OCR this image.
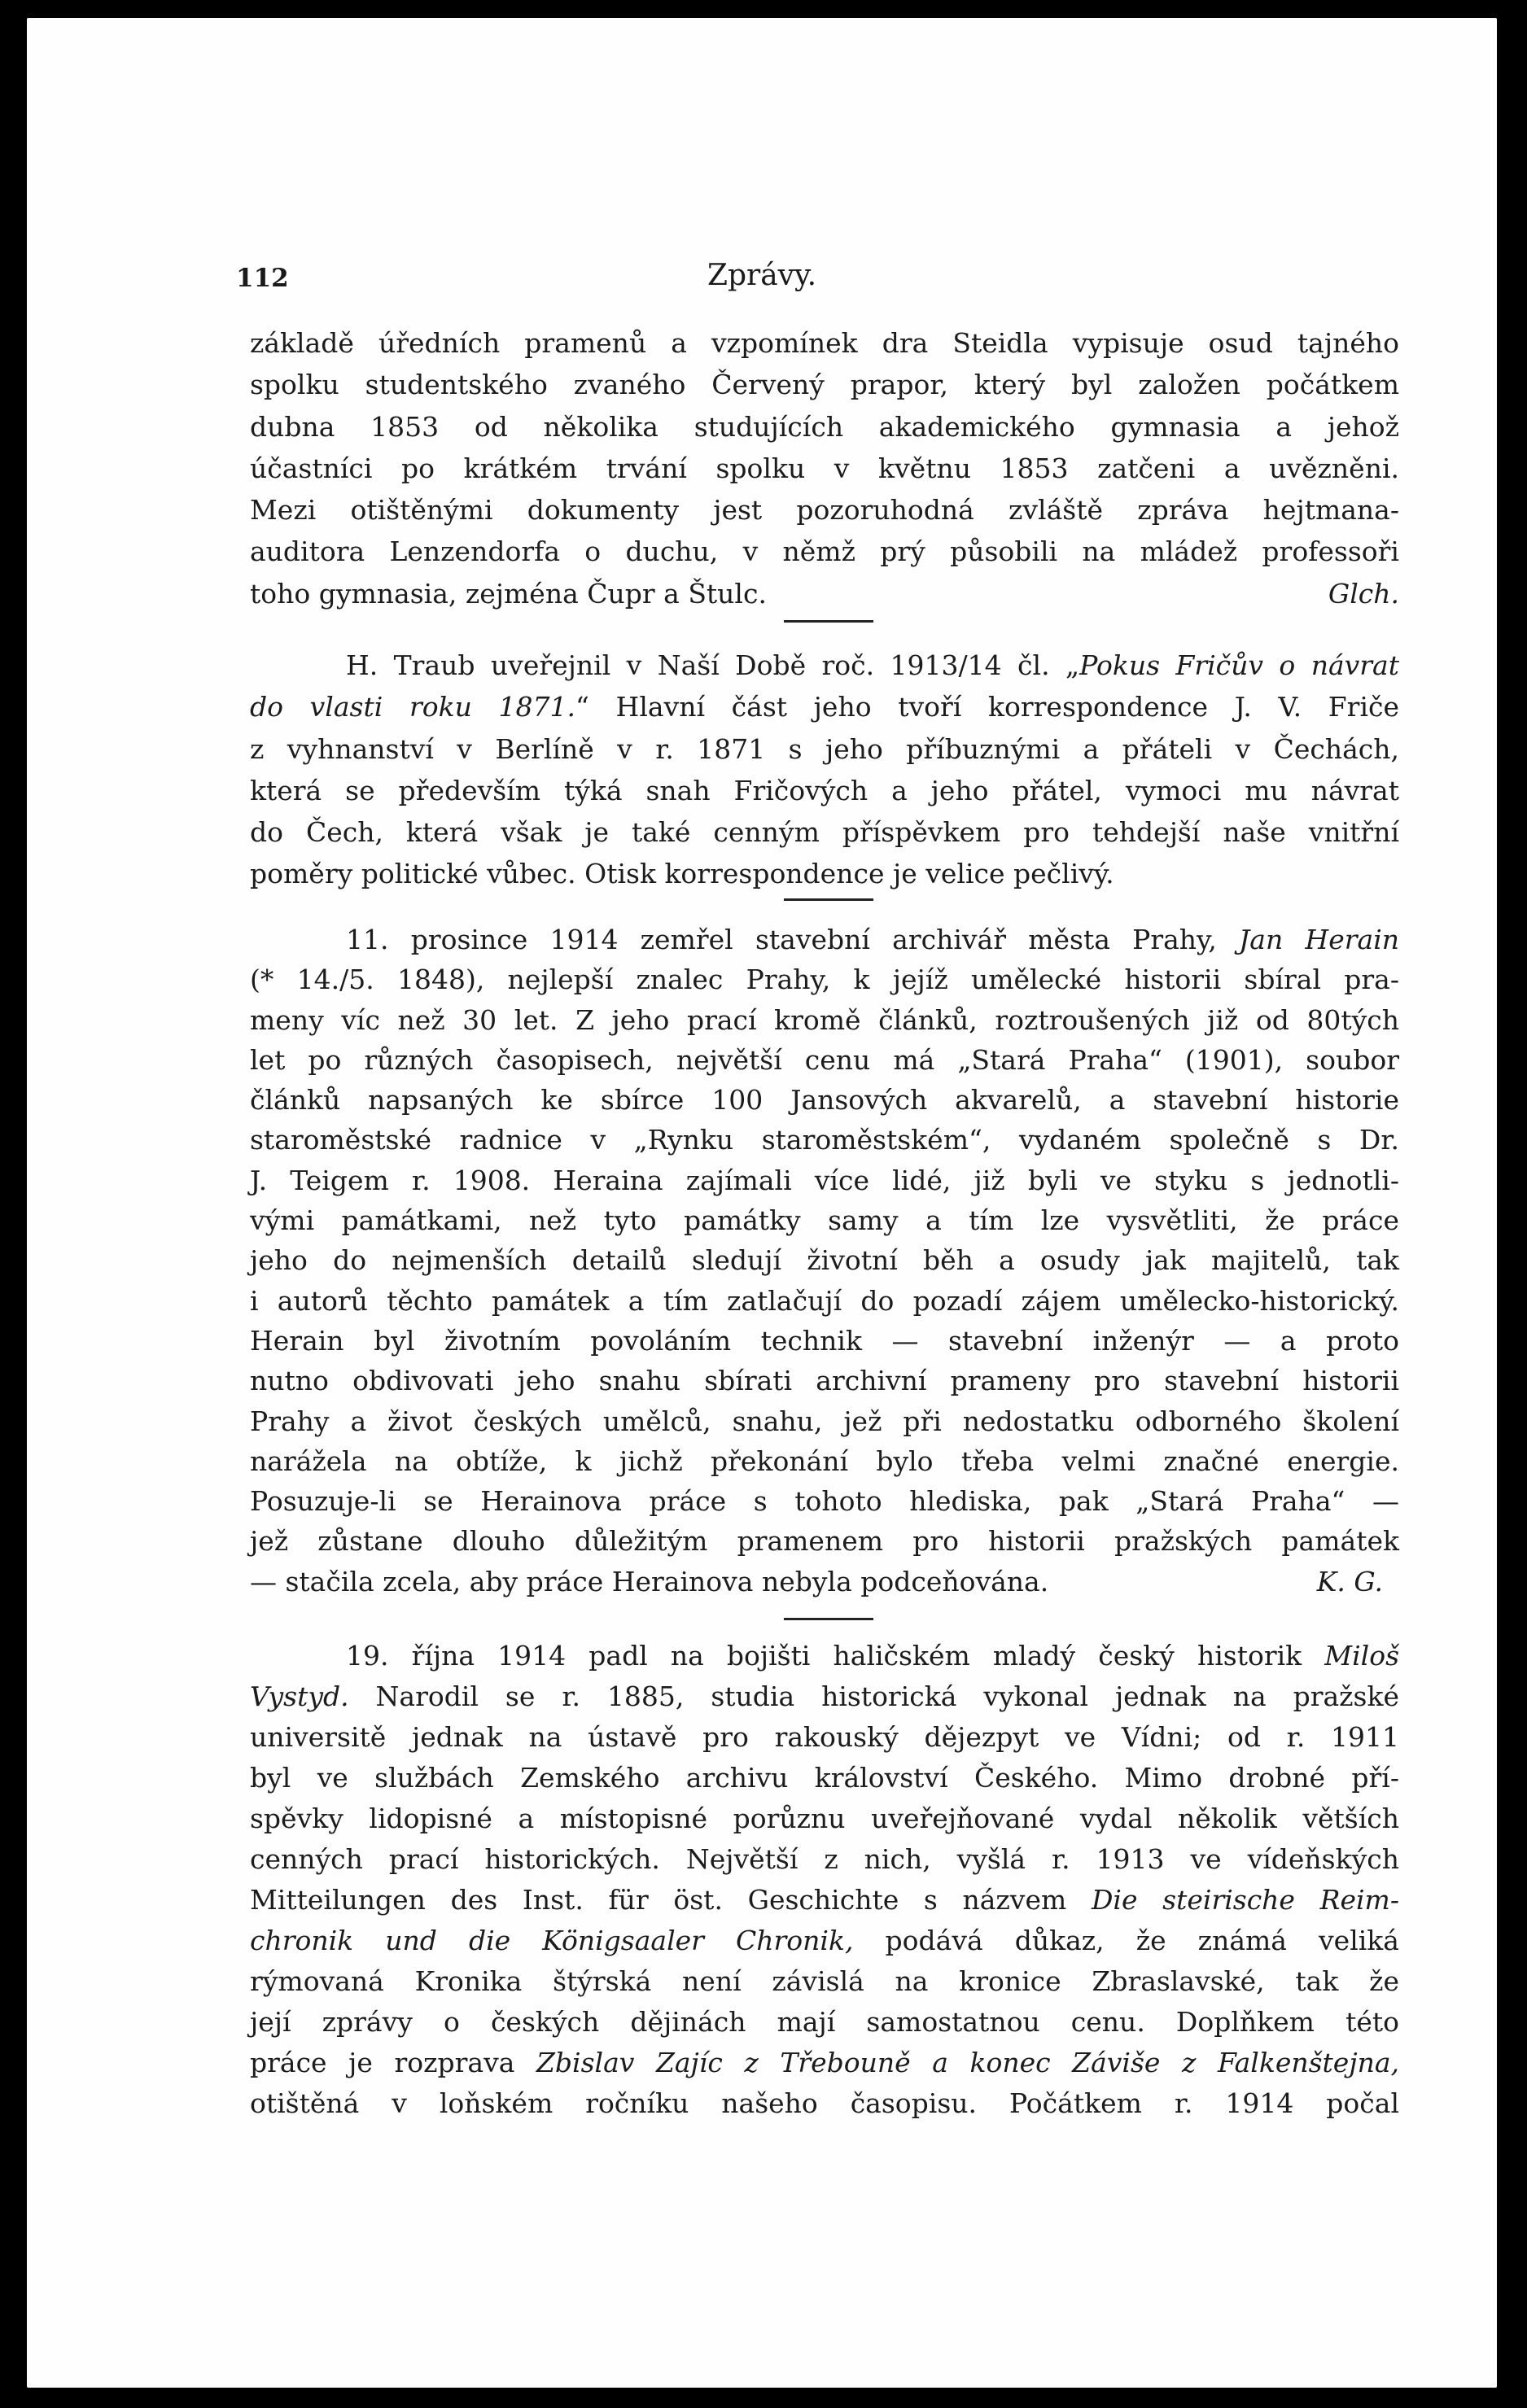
112	Zprávy.
základě úředních pramenů a vzpomínek dra Steidla vypisuje osud tajného
spolku studentského zvaného Červený prapor, který byl založen počátkem
dubna 1853 od několika studujících akademického gymnasia a jehož
účastníci po krátkém trvání spolku v květnu 1853 zatčeni a uvězněni.
Mezi otištěnými dokumenty jest pozoruhodná zvláště zpráva hejtmana-
auditora Lenzendorfa o duchu, v němž prý působili na mládež professoři
toho gymnasia, zejména Čupr a Štulc.	Glch.
H. Traub uveřejnil v Naší Době roč. 1913/14 čl. „Pokus Fričův o návrat
do vlasti roku 1871.“ Hlavní část jeho tvoří korrespondence J. V. Friče
z vyhnanství v Berlíně v r. 1871 s jeho příbuznými a přáteli v Čechách,
která se především týká snah Fričových a jeho přátel, vymoci mu návrat
do Čech, která však je také cenným příspěvkem pro tehdejší naše vnitřní
poměry politické vůbec. Otisk korrespondence je velice pečlivý.
11. prosince 1914 zemřel stavební archivář města Prahy, Jan Herain
(* 14./5. 1848), nejlepší znalec Prahy, k jejíž umělecké historii sbíral pra-
meny víc než 30 let. Z jeho prací kromě článků, roztroušených již od 80tých
let po různých časopisech, největší cenu má „Stará Praha“ (1901), soubor
článků napsaných ke sbírce 100 Jansových akvarelů, a stavební historie
staroměstské radnice v „Rynku staroměstském“, vydaném společně s Dr.
J. Teigem r. 1908. Heraina zajímali více lidé, již byli ve styku s jednotli-
vými památkami, než tyto památky samy a tím lze vysvětliti, že práce
jeho do nejmenších detailů sledují životní běh a osudy jak majitelů, tak
i autorů těchto památek a tím zatlačují do pozadí zájem umělecko-historický.
Herain byl životním povoláním technik — stavební inženýr — a proto
nutno obdivovati jeho snahu sbírati archivní prameny pro stavební historii
Prahy a život českých umělců, snahu, jež při nedostatku odborného školení
narážela na obtíže, k jichž překonání bylo třeba velmi značné energie.
Posuzuje-li se Herainova práce s tohoto hlediska, pak „Stará Praha“ —
jež zůstane dlouho důležitým pramenem pro historii pražských památek
— stačila zcela, aby práce Herainova nebyla podceňována.	K. G.
19. října 1914 padl na bojišti haličském mladý český historik Miloš
Vystyd. Narodil se r. 1885, studia historická vykonal jednak na pražské
universitě jednak na ústavě pro rakouský dějezpyt ve Vídni; od r. 1911
byl ve službách Zemského archivu království Českého. Mimo drobné pří-
spěvky lidopisné a místopisné porůznu uveřejňované vydal několik větších
cenných prací historických. Největší z nich, vyšlá r. 1913 ve vídeňských
Mitteilungen des Inst. für öst. Geschichte s názvem Die steirische Reim-
chronik und die Königsaaler Chronik, podává důkaz, že známá veliká
rýmovaná Kronika štýrská není závislá na kronice Zbraslavské, tak že
její zprávy o českých dějinách mají samostatnou cenu. Doplňkem této
práce je rozprava Zbislav Zajíc z Třebouně a konec Záviše z Falkenštejna,
otištěná v loňském ročníku našeho časopisu. Počátkem r. 1914 počal
